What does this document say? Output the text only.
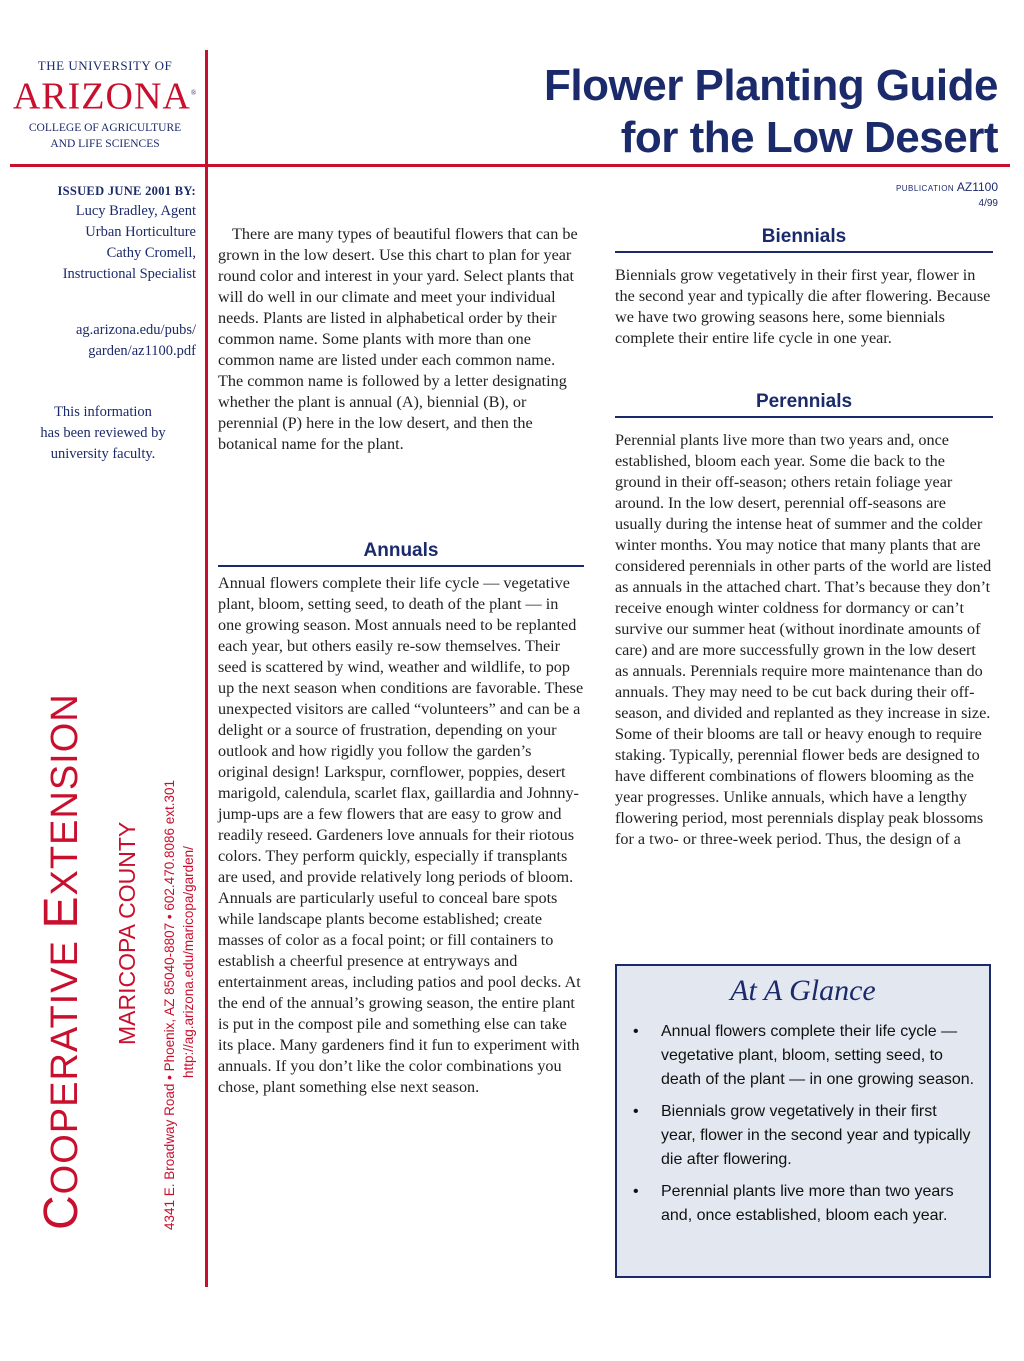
THE UNIVERSITY OF
ARIZONA®
COLLEGE OF AGRICULTURE
AND LIFE SCIENCES
Flower Planting Guide
for the Low Desert
PUBLICATION AZ1100
4/99
ISSUED JUNE 2001 BY:
Lucy Bradley, Agent
Urban Horticulture
Cathy Cromell,
Instructional Specialist
ag.arizona.edu/pubs/
garden/az1100.pdf
This information
has been reviewed by
university faculty.
COOPERATIVE EXTENSION
MARICOPA COUNTY 4341 E. Broadway Road • Phoenix, AZ 85040-8807 • 602.470.8086 ext.301 http://ag.arizona.edu/maricopa/garden/
There are many types of beautiful flowers that can be grown in the low desert. Use this chart to plan for year round color and interest in your yard. Select plants that will do well in our climate and meet your individual needs. Plants are listed in alphabetical order by their common name. Some plants with more than one common name are listed under each common name. The common name is followed by a letter designating whether the plant is annual (A), biennial (B), or perennial (P) here in the low desert, and then the botanical name for the plant.
Annuals
Annual flowers complete their life cycle — vegetative plant, bloom, setting seed, to death of the plant — in one growing season. Most annuals need to be replanted each year, but others easily re-sow themselves. Their seed is scattered by wind, weather and wildlife, to pop up the next season when conditions are favorable. These unexpected visitors are called “volunteers” and can be a delight or a source of frustration, depending on your outlook and how rigidly you follow the garden’s original design! Larkspur, cornflower, poppies, desert marigold, calendula, scarlet flax, gaillardia and Johnny-jump-ups are a few flowers that are easy to grow and readily reseed. Gardeners love annuals for their riotous colors. They perform quickly, especially if transplants are used, and provide relatively long periods of bloom. Annuals are particularly useful to conceal bare spots while landscape plants become established; create masses of color as a focal point; or fill containers to establish a cheerful presence at entryways and entertainment areas, including patios and pool decks. At the end of the annual’s growing season, the entire plant is put in the compost pile and something else can take its place. Many gardeners find it fun to experiment with annuals. If you don’t like the color combinations you chose, plant something else next season.
Biennials
Biennials grow vegetatively in their first year, flower in the second year and typically die after flowering. Because we have two growing seasons here, some biennials complete their entire life cycle in one year.
Perennials
Perennial plants live more than two years and, once established, bloom each year. Some die back to the ground in their off-season; others retain foliage year around. In the low desert, perennial off-seasons are usually during the intense heat of summer and the colder winter months. You may notice that many plants that are considered perennials in other parts of the world are listed as annuals in the attached chart. That’s because they don’t receive enough winter coldness for dormancy or can’t survive our summer heat (without inordinate amounts of care) and are more successfully grown in the low desert as annuals. Perennials require more maintenance than do annuals. They may need to be cut back during their off-season, and divided and replanted as they increase in size. Some of their blooms are tall or heavy enough to require staking. Typically, perennial flower beds are designed to have different combinations of flowers blooming as the year progresses. Unlike annuals, which have a lengthy flowering period, most perennials display peak blossoms for a two- or three-week period. Thus, the design of a
At A Glance
• Annual flowers complete their life cycle — vegetative plant, bloom, setting seed, to death of the plant — in one growing season.
• Biennials grow vegetatively in their first year, flower in the second year and typically die after flowering.
• Perennial plants live more than two years and, once established, bloom each year.
